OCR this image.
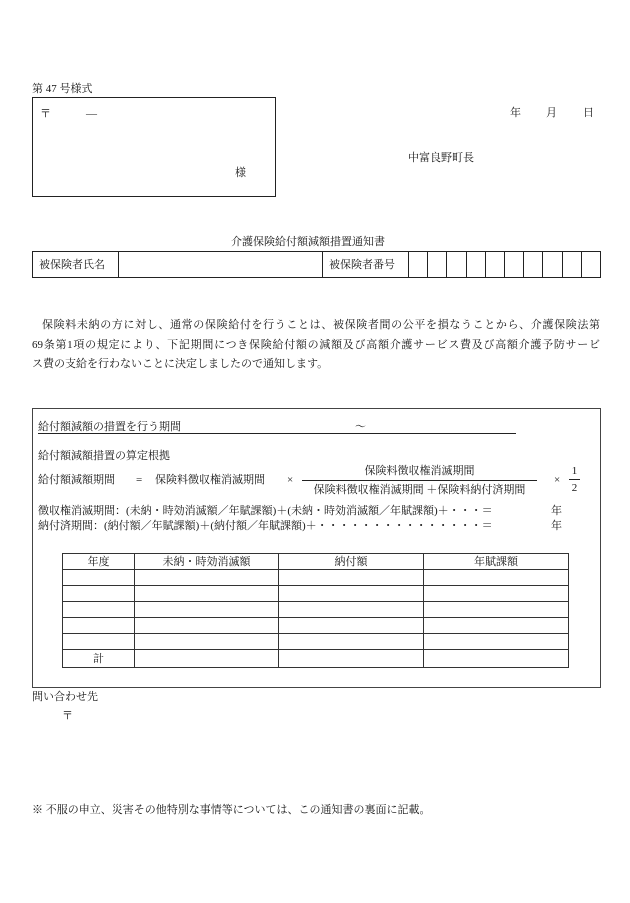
第 47 号様式
〒	—
様
年 月 日
中富良野町長
介護保険給付額減額措置通知書
被保険者氏名		被保険者番号										
保険料未納の方に対し、通常の保険給付を行うことは、被保険者間の公平を損なうことから、介護保険法第
69条第1項の規定により、下記期間につき保険給付額の減額及び高額介護サービス費及び高額介護予防サービ
ス費の支給を行わないことに決定しましたので通知します。
給付額減額の措置を行う期間	～
給付額減額措置の算定根拠
給付額減額期間 = 保険料徴収権消滅期間 ×
保険料徴収権消滅期間
保険料徴収権消滅期間 ＋保険料納付済期間
×
1
2
徴収権消滅期間：(未納・時効消滅額／年賦課額)＋(未納・時効消滅額／年賦課額)＋・・・＝	年
納付済期間：(納付額／年賦課額)＋(納付額／年賦課額)＋・・・・・・・・・・・・・・・＝	年
年度	未納・時効消滅額	納付額	年賦課額

計			
問い合わせ先
〒
※ 不服の申立、災害その他特別な事情等については、この通知書の裏面に記載。
